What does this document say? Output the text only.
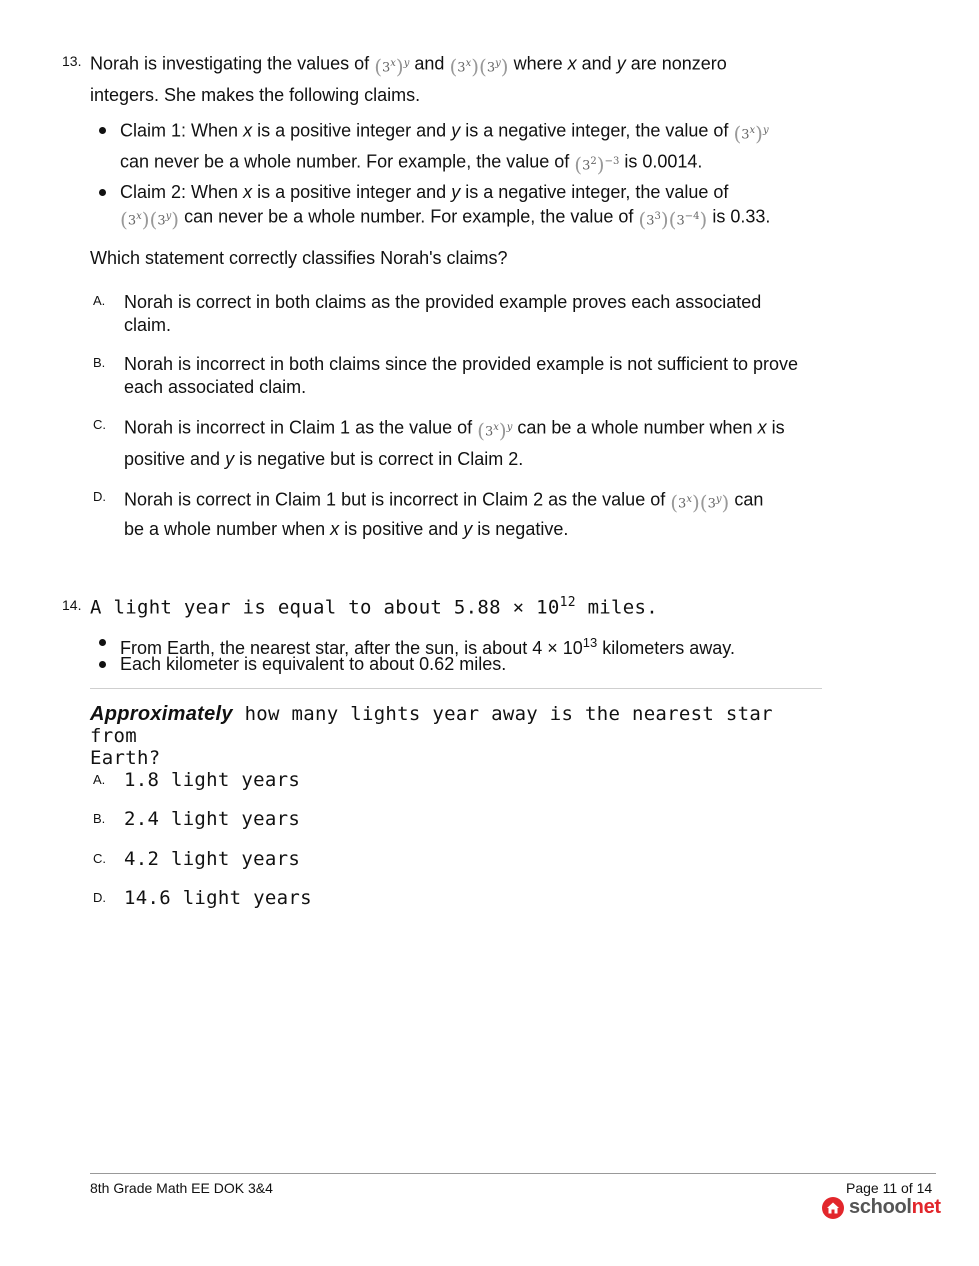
13. Norah is investigating the values of $(3^x)^y$ and (3$^x$)(3$^y$) where x and y are nonzero
integers. She makes the following claims.
Claim 1: When x is a positive integer and y is a negative integer, the value of $(3^x)^y$
can never be a whole number. For example, the value of $(3^2)^{-3}$ is 0.0014.
Claim 2: When x is a positive integer and y is a negative integer, the value of
(3$^x$)(3$^y$) can never be a whole number. For example, the value of $(3^3)(3^{-4})$ is 0.33.
Which statement correctly classifies Norah's claims?
A. Norah is correct in both claims as the provided example proves each associated
claim.
B. Norah is incorrect in both claims since the provided example is not sufficient to prove
each associated claim.
C. Norah is incorrect in Claim 1 as the value of $(3^x)^y$ can be a whole number when x is
positive and y is negative but is correct in Claim 2.
D. Norah is correct in Claim 1 but is incorrect in Claim 2 as the value of (3$^x$)(3$^y$) can
be a whole number when x is positive and y is negative.
14. A light year is equal to about $5.88 \times 10^{12}$ miles.
From Earth, the nearest star, after the sun, is about $4 \times 10^{13}$ kilometers away.
Each kilometer is equivalent to about 0.62 miles.
Approximately how many lights year away is the nearest star from
Earth?
A. 1.8 light years
B. 2.4 light years
C. 4.2 light years
D. 14.6 light years
8th Grade Math EE DOK 3&4	Page 11 of 14
schoolnet
